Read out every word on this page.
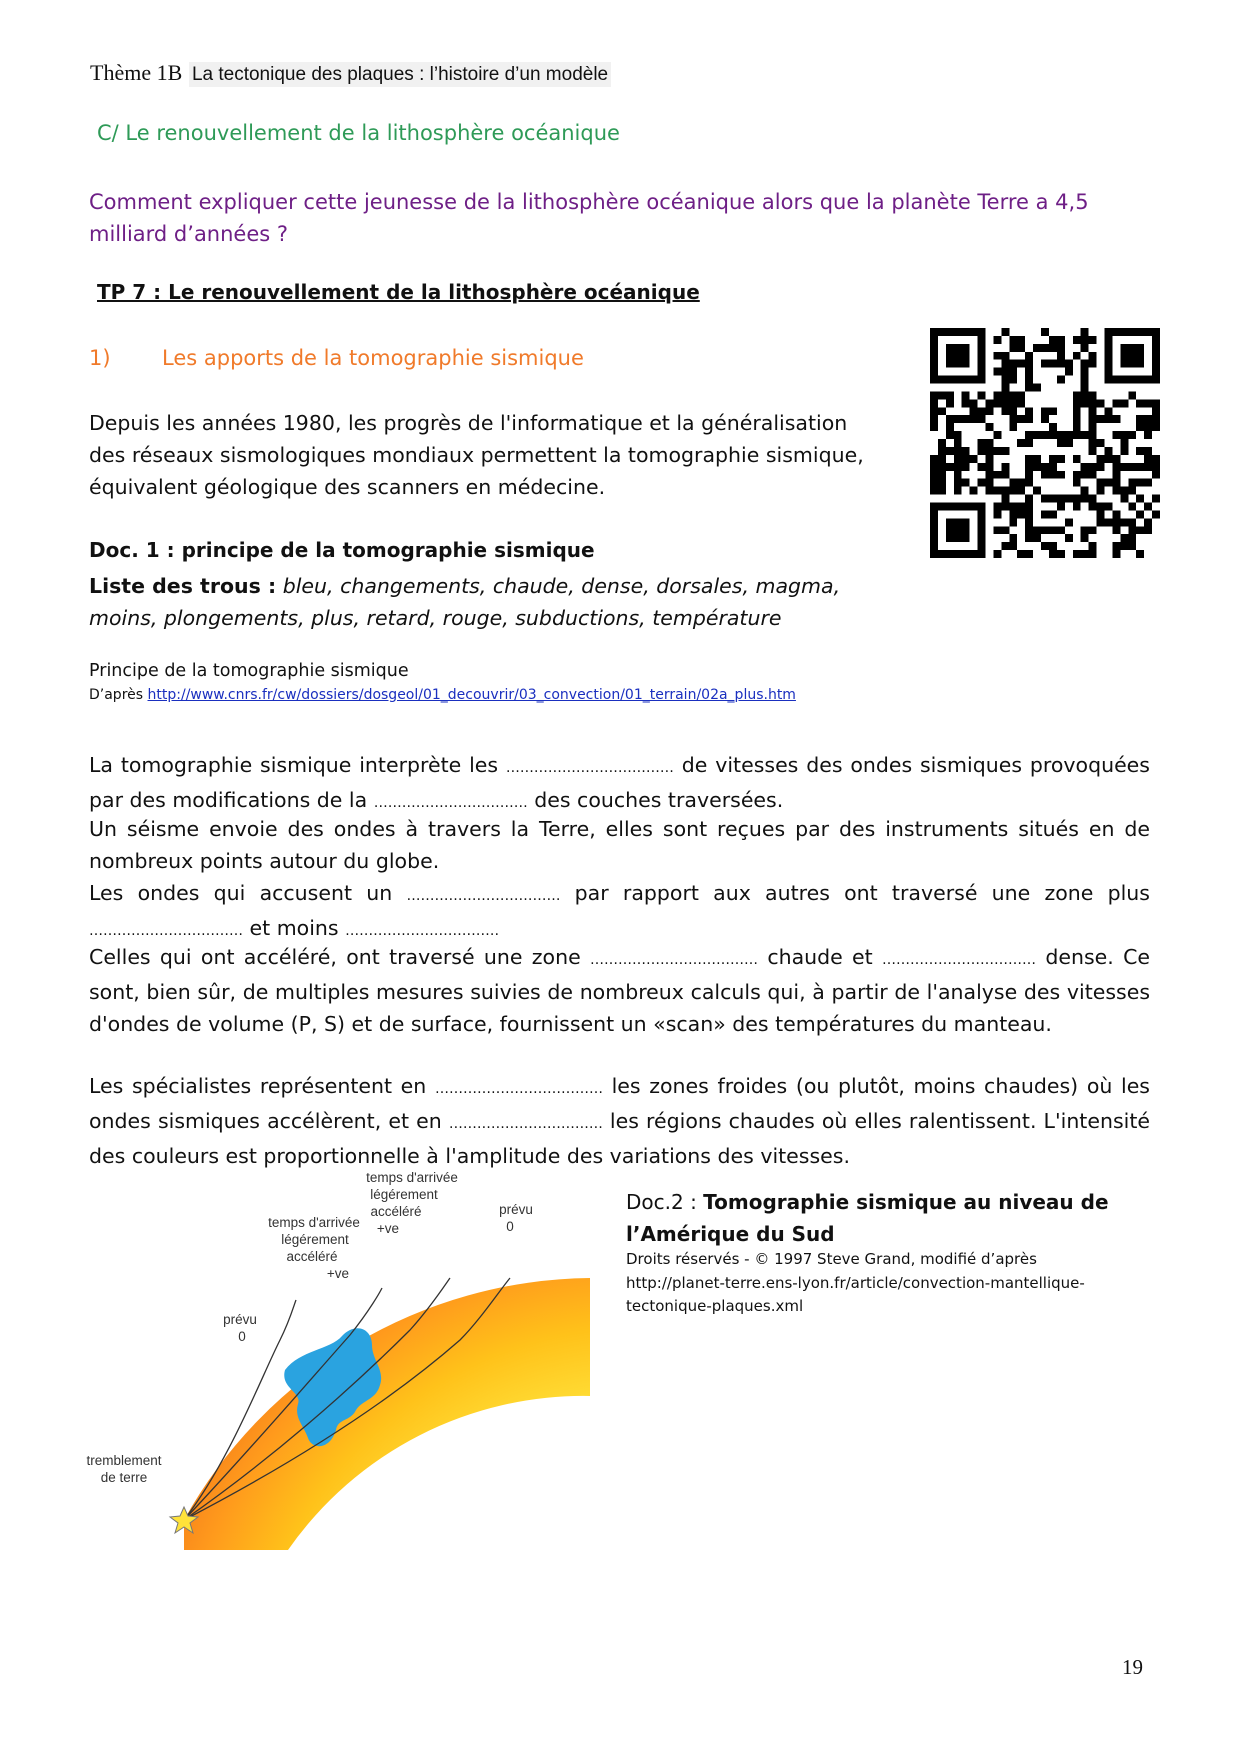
Thème 1B La tectonique des plaques : l’histoire d’un modèle
C/ Le renouvellement de la lithosphère océanique
Comment expliquer cette jeunesse de la lithosphère océanique alors que la planète Terre a 4,5 milliard d’années ?
TP 7 : Le renouvellement de la lithosphère océanique
1) Les apports de la tomographie sismique
Depuis les années 1980, les progrès de l'informatique et la généralisation des réseaux sismologiques mondiaux permettent la tomographie sismique, équivalent géologique des scanners en médecine.
Doc. 1 : principe de la tomographie sismique
Liste des trous : bleu, changements, chaude, dense, dorsales, magma, moins, plongements, plus, retard, rouge, subductions, température
Principe de la tomographie sismique
D’après http://www.cnrs.fr/cw/dossiers/dosgeol/01_decouvrir/03_convection/01_terrain/02a_plus.htm
La tomographie sismique interprète les ……………………………… de vitesses des ondes sismiques provoquées par des modifications de la …………………………… des couches traversées.
Un séisme envoie des ondes à travers la Terre, elles sont reçues par des instruments situés en de nombreux points autour du globe.
Les ondes qui accusent un …………………………… par rapport aux autres ont traversé une zone plus …………………………… et moins ……………………………
Celles qui ont accéléré, ont traversé une zone ……………………………… chaude et …………………………… dense. Ce sont, bien sûr, de multiples mesures suivies de nombreux calculs qui, à partir de l'analyse des vitesses d'ondes de volume (P, S) et de surface, fournissent un «scan» des températures du manteau.
Les spécialistes représentent en ……………………………… les zones froides (ou plutôt, moins chaudes) où les ondes sismiques accélèrent, et en …………………………… les régions chaudes où elles ralentissent. L'intensité des couleurs est proportionnelle à l'amplitude des variations des vitesses.
temps d'arrivée
légérement
accéléré
+ve
prévu
0
temps d'arrivée
légérement
accéléré
+ve
prévu
0
tremblement
de terre
Doc.2 : Tomographie sismique au niveau de l’Amérique du Sud
Droits réservés - © 1997 Steve Grand, modifié d’après
http://planet-terre.ens-lyon.fr/article/convection-mantellique-tectonique-plaques.xml
19
